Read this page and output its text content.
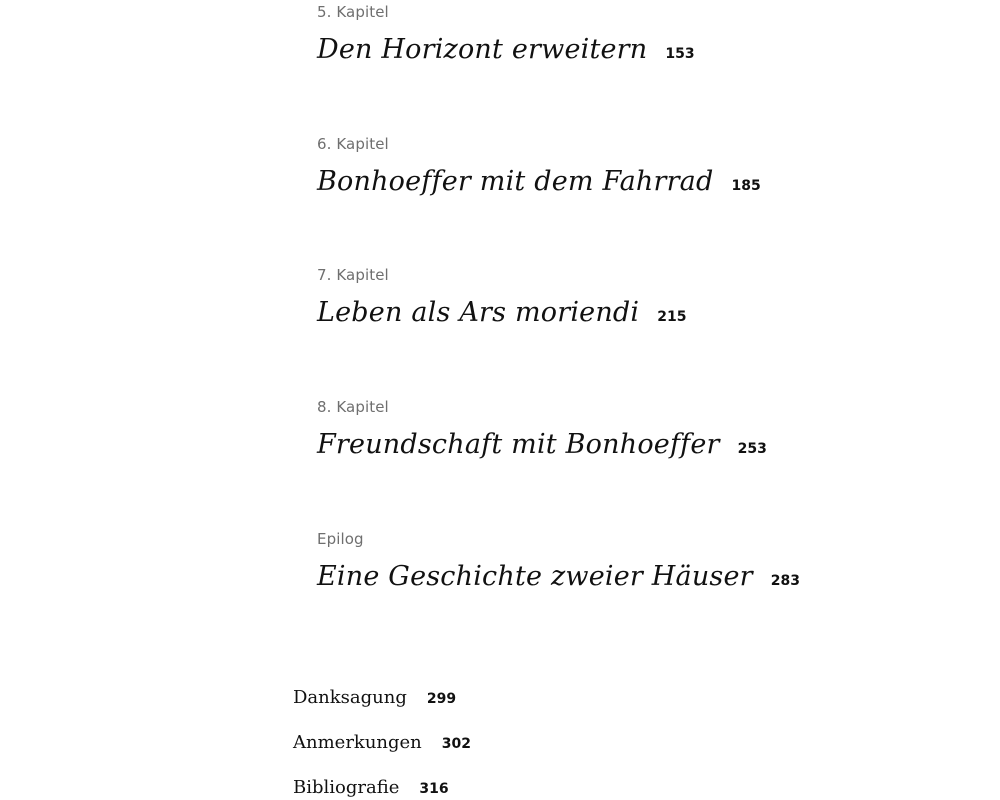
5. Kapitel
Den Horizont erweitern 153
6. Kapitel
Bonhoeffer mit dem Fahrrad 185
7. Kapitel
Leben als Ars moriendi 215
8. Kapitel
Freundschaft mit Bonhoeffer 253
Epilog
Eine Geschichte zweier Häuser 283
Danksagung 299
Anmerkungen 302
Bibliografie 316
